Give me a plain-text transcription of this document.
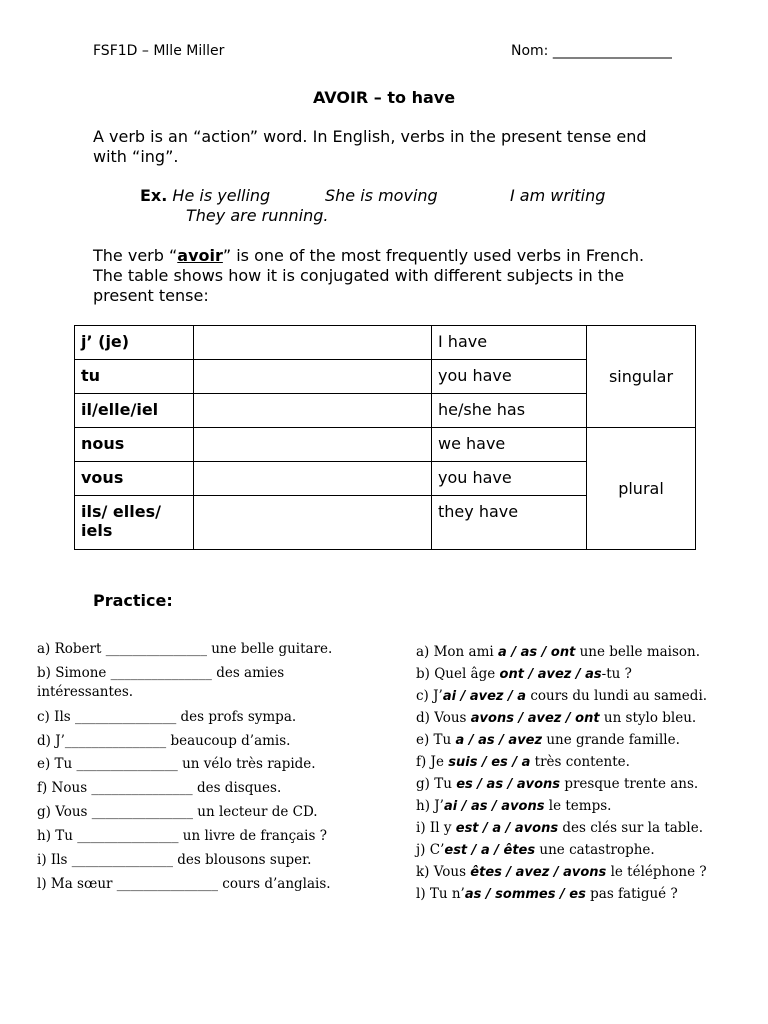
FSF1D – Mlle Miller	Nom: _________________
AVOIR – to have

A verb is an “action” word. In English, verbs in the present tense end with “ing”.

Ex. He is yelling	She is moving	I am writing
They are running.

The verb “avoir” is one of the most frequently used verbs in French. The table shows how it is conjugated with different subjects in the present tense:

j’ (je)		I have	singular
tu		you have	
il/elle/iel		he/she has	
nous		we have	plural
vous		you have	
ils/ elles/ iels		they have	
Practice:
a) Robert _______________ une belle guitare.
b) Simone _______________ des amies
intéressantes.
c) Ils _______________ des profs sympa.
d) J’_______________ beaucoup d’amis.
e) Tu _______________ un vélo très rapide.
f) Nous _______________ des disques.
g) Vous _______________ un lecteur de CD.
h) Tu _______________ un livre de français ?
i) Ils _______________ des blousons super.
l) Ma sœur _______________ cours d’anglais.
a) Mon ami a / as / ont une belle maison.
b) Quel âge ont / avez / as-tu ?
c) J’ai / avez / a cours du lundi au samedi.
d) Vous avons / avez / ont un stylo bleu.
e) Tu a / as / avez une grande famille.
f) Je suis / es / a très contente.
g) Tu es / as / avons presque trente ans.
h) J’ai / as / avons le temps.
i) Il y est / a / avons des clés sur la table.
j) C’est / a / êtes une catastrophe.
k) Vous êtes / avez / avons le téléphone ?
l) Tu n’as / sommes / es pas fatigué ?
